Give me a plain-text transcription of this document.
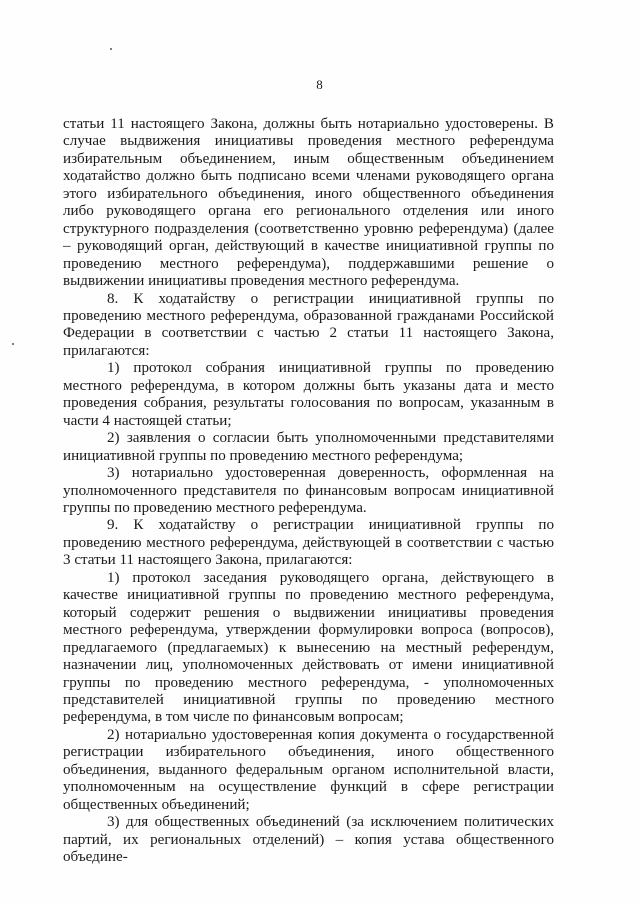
8

статьи 11 настоящего Закона, должны быть нотариально удостоверены. В случае выдвижения инициативы проведения местного референдума избирательным объединением, иным общественным объединением ходатайство должно быть подписано всеми членами руководящего органа этого избирательного объединения, иного общественного объединения либо руководящего органа его регионального отделения или иного структурного подразделения (соответственно уровню референдума) (далее – руководящий орган, действующий в качестве инициативной группы по проведению местного референдума), поддержавшими решение о выдвижении инициативы проведения местного референдума.

8. К ходатайству о регистрации инициативной группы по проведению местного референдума, образованной гражданами Российской Федерации в соответствии с частью 2 статьи 11 настоящего Закона, прилагаются:

1) протокол собрания инициативной группы по проведению местного референдума, в котором должны быть указаны дата и место проведения собрания, результаты голосования по вопросам, указанным в части 4 настоящей статьи;

2) заявления о согласии быть уполномоченными представителями инициативной группы по проведению местного референдума;

3) нотариально удостоверенная доверенность, оформленная на уполномоченного представителя по финансовым вопросам инициативной группы по проведению местного референдума.

9. К ходатайству о регистрации инициативной группы по проведению местного референдума, действующей в соответствии с частью 3 статьи 11 настоящего Закона, прилагаются:

1) протокол заседания руководящего органа, действующего в качестве инициативной группы по проведению местного референдума, который содержит решения о выдвижении инициативы проведения местного референдума, утверждении формулировки вопроса (вопросов), предлагаемого (предлагаемых) к вынесению на местный референдум, назначении лиц, уполномоченных действовать от имени инициативной группы по проведению местного референдума, - уполномоченных представителей инициативной группы по проведению местного референдума, в том числе по финансовым вопросам;

2) нотариально удостоверенная копия документа о государственной регистрации избирательного объединения, иного общественного объединения, выданного федеральным органом исполнительной власти, уполномоченным на осуществление функций в сфере регистрации общественных объединений;

3) для общественных объединений (за исключением политических партий, их региональных отделений) – копия устава общественного объедине-
